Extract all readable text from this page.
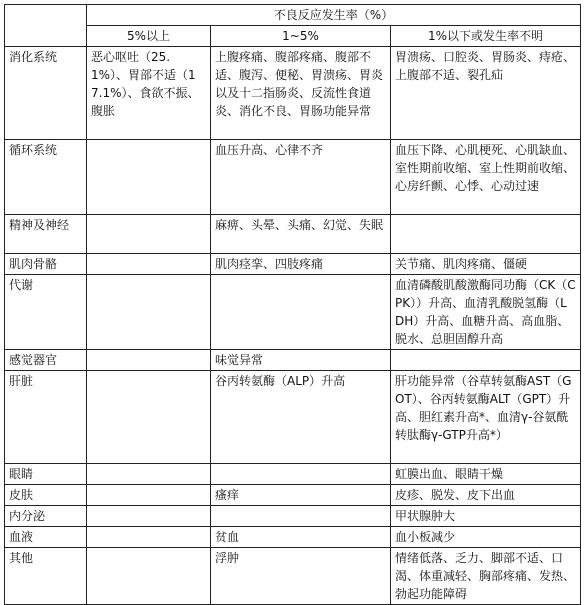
	不良反应发生率（%）		
	5%以上	1~5%	1%以下或发生率不明
消化系统	恶心呕吐（25.1%）、胃部不适（17.1%）、食欲不振、腹胀	上腹疼痛、腹部疼痛、腹部不适、腹泻、便秘、胃溃疡、胃炎以及十二指肠炎、反流性食道炎、消化不良、胃肠功能异常	胃溃疡、口腔炎、胃肠炎、痔疮、上腹部不适、裂孔疝
循环系统		血压升高、心律不齐	血压下降、心肌梗死、心肌缺血、室性期前收缩、室上性期前收缩、心房纤颤、心悸、心动过速
精神及神经		麻痹、头晕、头痛、幻觉、失眠	
肌肉骨骼		肌肉痉挛、四肢疼痛	关节痛、肌肉疼痛、僵硬
代谢			血清磷酸肌酸激酶同功酶（CK（CPK））升高、血清乳酸脱氢酶（LDH）升高、血糖升高、高血脂、脱水、总胆固醇升高
感觉器官		味觉异常	
肝脏		谷丙转氨酶（ALP）升高	肝功能异常（谷草转氨酶AST（GOT）、谷丙转氨酶ALT（GPT）升高、胆红素升高*、血清γ-谷氨酰转肽酶γ-GTP升高*）
眼睛			虹膜出血、眼睛干燥
皮肤		瘙痒	皮疹、脱发、皮下出血
内分泌			甲状腺肿大
血液		贫血	血小板减少
其他		浮肿	情绪低落、乏力、脚部不适、口渴、体重减轻、胸部疼痛、发热、勃起功能障碍
